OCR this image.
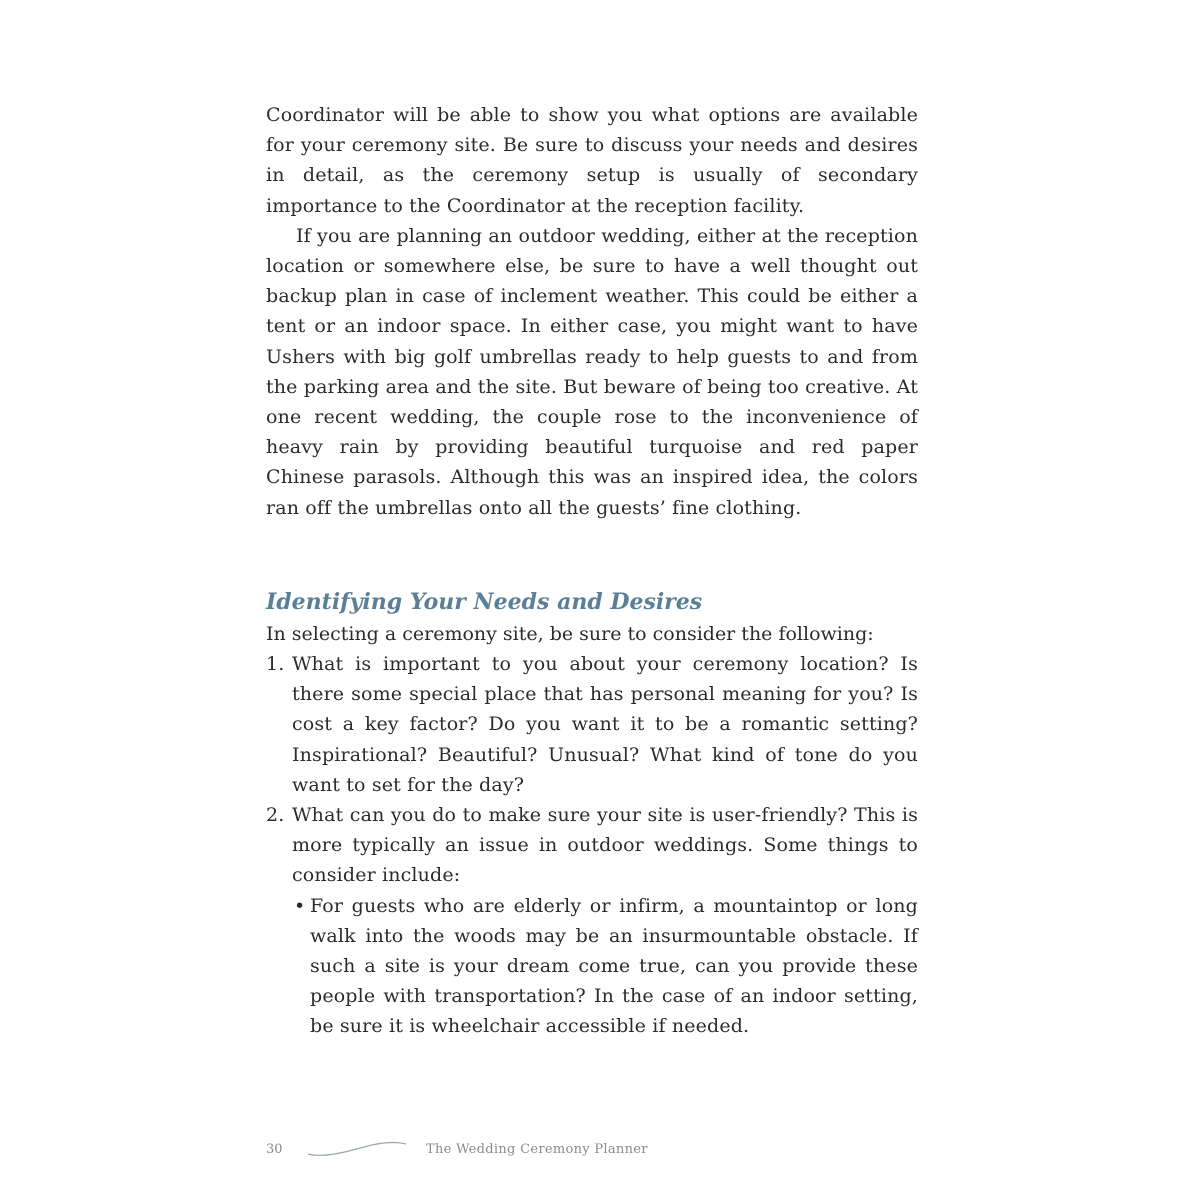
Coordinator will be able to show you what options are available for your ceremony site. Be sure to discuss your needs and desires in detail, as the ceremony setup is usually of secondary importance to the Coordinator at the reception facility.

If you are planning an outdoor wedding, either at the reception location or somewhere else, be sure to have a well thought out backup plan in case of inclement weather. This could be either a tent or an indoor space. In either case, you might want to have Ushers with big golf umbrellas ready to help guests to and from the parking area and the site. But beware of being too creative. At one recent wedding, the couple rose to the inconvenience of heavy rain by providing beautiful turquoise and red paper Chinese parasols. Although this was an inspired idea, the colors ran off the umbrellas onto all the guests’ fine clothing.

Identifying Your Needs and Desires

In selecting a ceremony site, be sure to consider the following:

1. What is important to you about your ceremony location? Is there some special place that has personal meaning for you? Is cost a key factor? Do you want it to be a romantic setting? Inspirational? Beautiful? Unusual? What kind of tone do you want to set for the day?
2. What can you do to make sure your site is user-friendly? This is more typically an issue in outdoor weddings. Some things to consider include:
• For guests who are elderly or infirm, a mountaintop or long walk into the woods may be an insurmountable obstacle. If such a site is your dream come true, can you provide these people with transportation? In the case of an indoor setting, be sure it is wheelchair accessible if needed.
30	The Wedding Ceremony Planner
